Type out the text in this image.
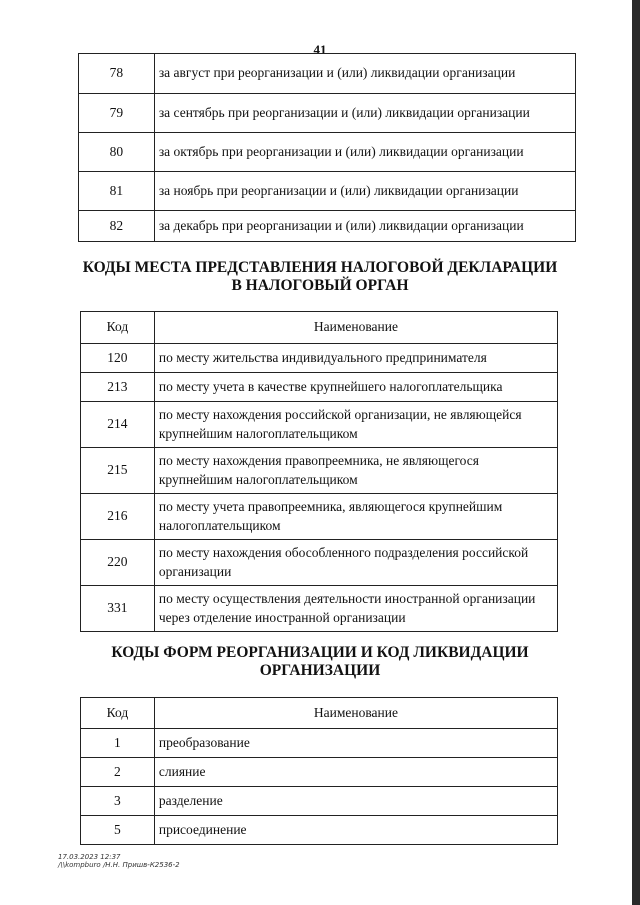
41
78	за август при реорганизации и (или) ликвидации организации
79	за сентябрь при реорганизации и (или) ликвидации организации
80	за октябрь при реорганизации и (или) ликвидации организации
81	за ноябрь при реорганизации и (или) ликвидации организации
82	за декабрь при реорганизации и (или) ликвидации организации
КОДЫ МЕСТА ПРЕДСТАВЛЕНИЯ НАЛОГОВОЙ ДЕКЛАРАЦИИ
В НАЛОГОВЫЙ ОРГАН
Код	Наименование
120	по месту жительства индивидуального предпринимателя
213	по месту учета в качестве крупнейшего налогоплательщика
214	по месту нахождения российской организации, не являющейся крупнейшим налогоплательщиком
215	по месту нахождения правопреемника, не являющегося крупнейшим налогоплательщиком
216	по месту учета правопреемника, являющегося крупнейшим налогоплательщиком
220	по месту нахождения обособленного подразделения российской организации
331	по месту осуществления деятельности иностранной организации через отделение иностранной организации
КОДЫ ФОРМ РЕОРГАНИЗАЦИИ И КОД ЛИКВИДАЦИИ
ОРГАНИЗАЦИИ
Код	Наименование
1	преобразование
2	слияние
3	разделение
5	присоединение
17.03.2023 12:37
/\\kompburo /Н.Н. Пришв-К2536-2
